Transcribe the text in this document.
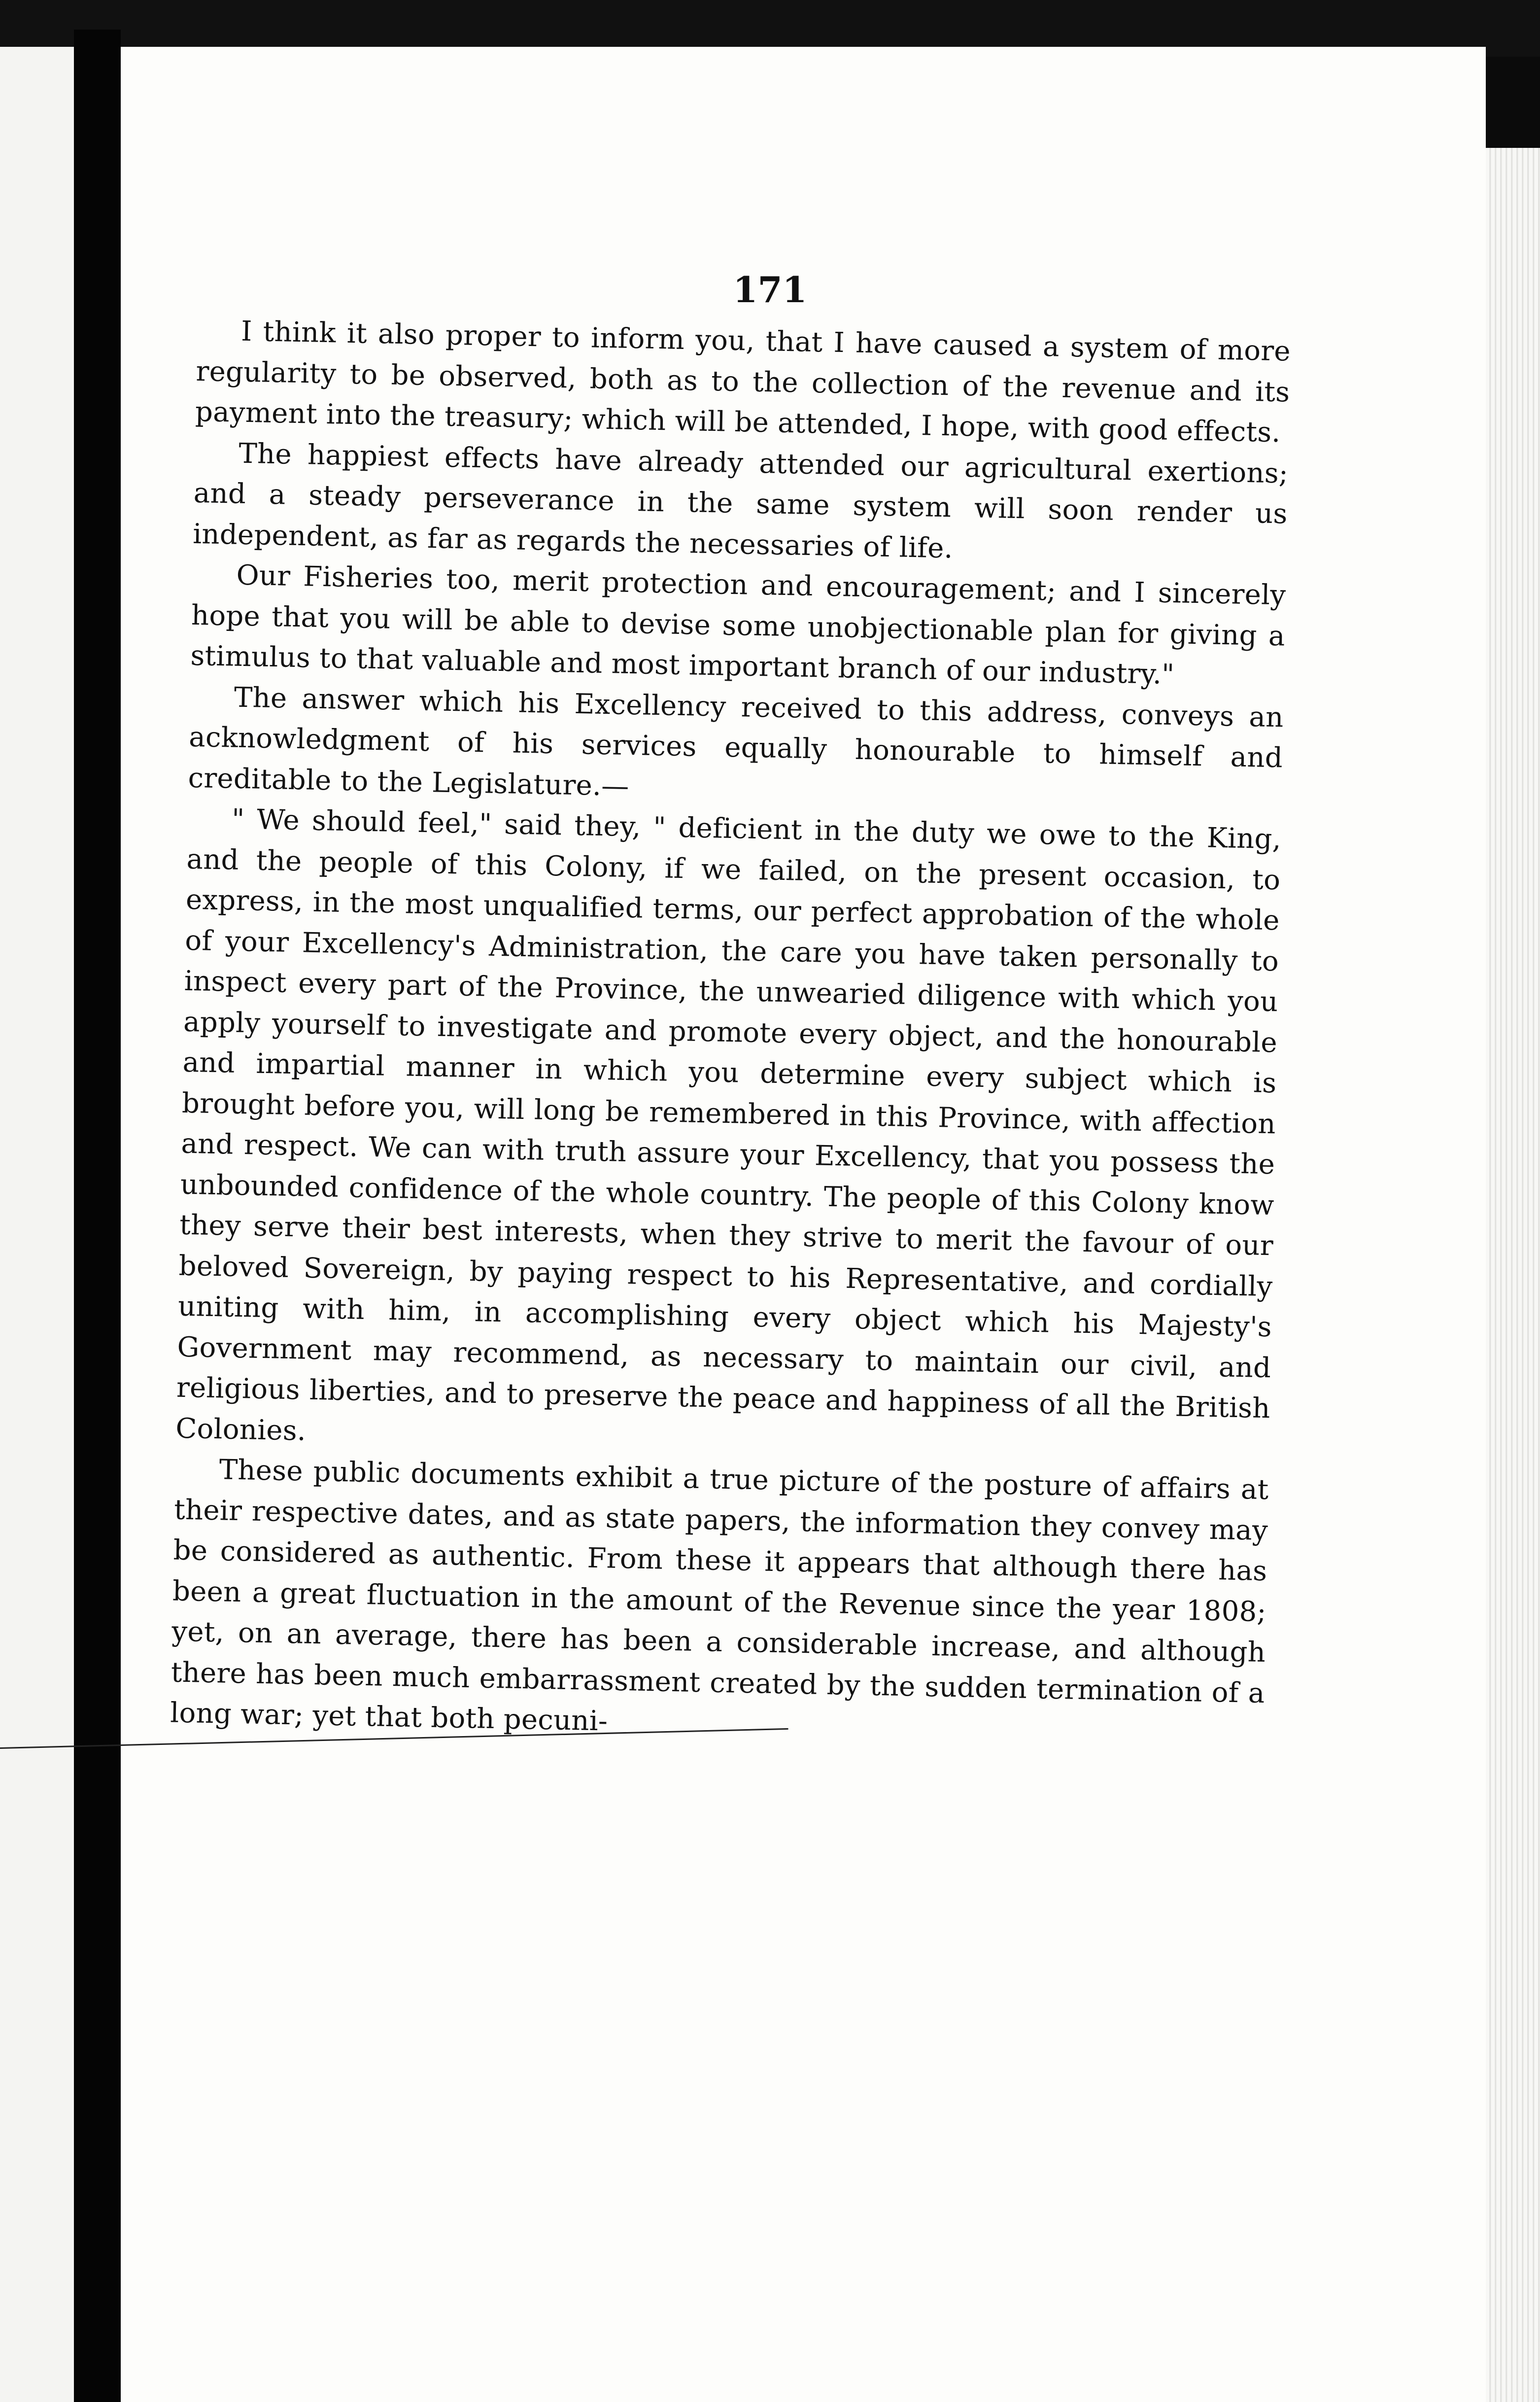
171

I think it also proper to inform you, that I have caused a system of more regularity to be observed, both as to the collection of the revenue and its payment into the treasury; which will be attended, I hope, with good effects.

The happiest effects have already attended our agricultural exertions; and a steady perseverance in the same system will soon render us independent, as far as regards the necessaries of life.

Our Fisheries too, merit protection and encouragement; and I sincerely hope that you will be able to devise some unobjectionable plan for giving a stimulus to that valuable and most important branch of our industry."

The answer which his Excellency received to this address, conveys an acknowledgment of his services equally honourable to himself and creditable to the Legislature.—

" We should feel," said they, " deficient in the duty we owe to the King, and the people of this Colony, if we failed, on the present occasion, to express, in the most unqualified terms, our perfect approbation of the whole of your Excellency's Administration, the care you have taken personally to inspect every part of the Province, the unwearied diligence with which you apply yourself to investigate and promote every object, and the honourable and impartial manner in which you determine every subject which is brought before you, will long be remembered in this Province, with affection and respect. We can with truth assure your Excellency, that you possess the unbounded confidence of the whole country. The people of this Colony know they serve their best interests, when they strive to merit the favour of our beloved Sovereign, by paying respect to his Representative, and cordially uniting with him, in accomplishing every object which his Majesty's Government may recommend, as necessary to maintain our civil, and religious liberties, and to preserve the peace and happiness of all the British Colonies.

These public documents exhibit a true picture of the posture of affairs at their respective dates, and as state papers, the information they convey may be considered as authentic. From these it appears that although there has been a great fluctuation in the amount of the Revenue since the year 1808; yet, on an average, there has been a considerable increase, and although there has been much embarrassment created by the sudden termination of a long war; yet that both pecuni-
